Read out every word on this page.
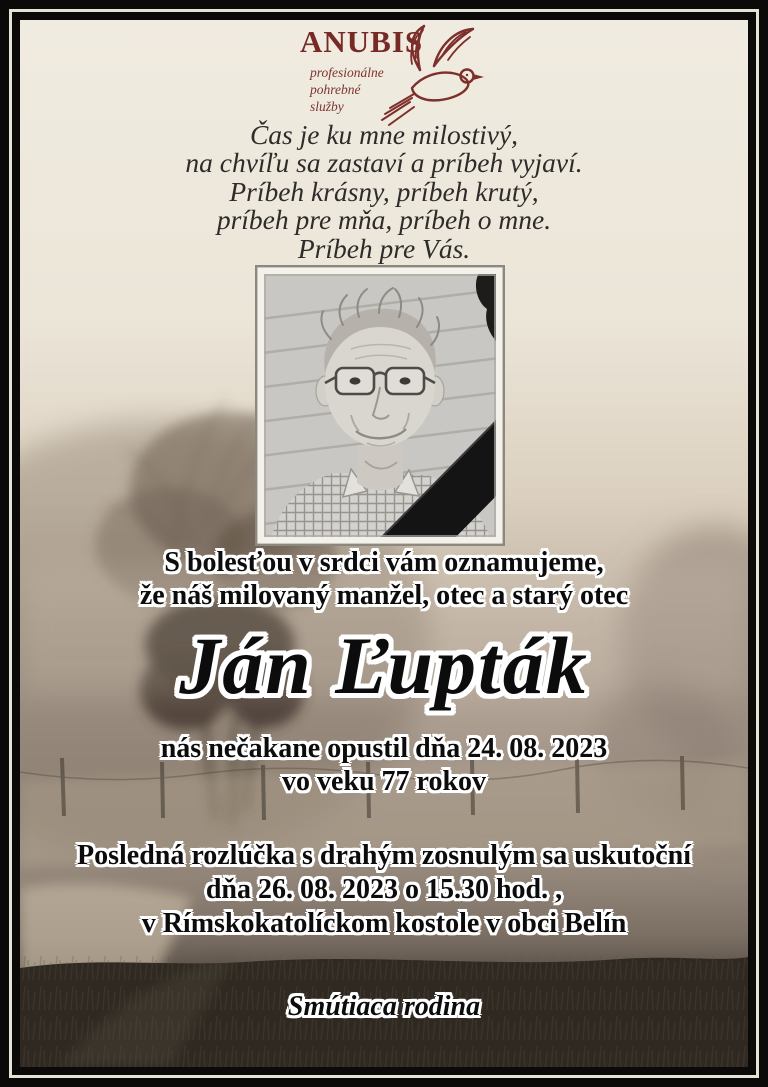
ANUBIS
profesionálne
pohrebné
služby
Čas je ku mne milostivý,
na chvíľu sa zastaví a príbeh vyjaví.
Príbeh krásny, príbeh krutý,
príbeh pre mňa, príbeh o mne.
Príbeh pre Vás.
S bolesťou v srdci vám oznamujeme,
že náš milovaný manžel, otec a starý otec
Ján Ľupták
nás nečakane opustil dňa 24. 08. 2023
vo veku 77 rokov
Posledná rozlúčka s drahým zosnulým sa uskutoční
dňa 26. 08. 2023 o 15.30 hod. ,
v Rímskokatolíckom kostole v obci Belín
Smútiaca rodina
